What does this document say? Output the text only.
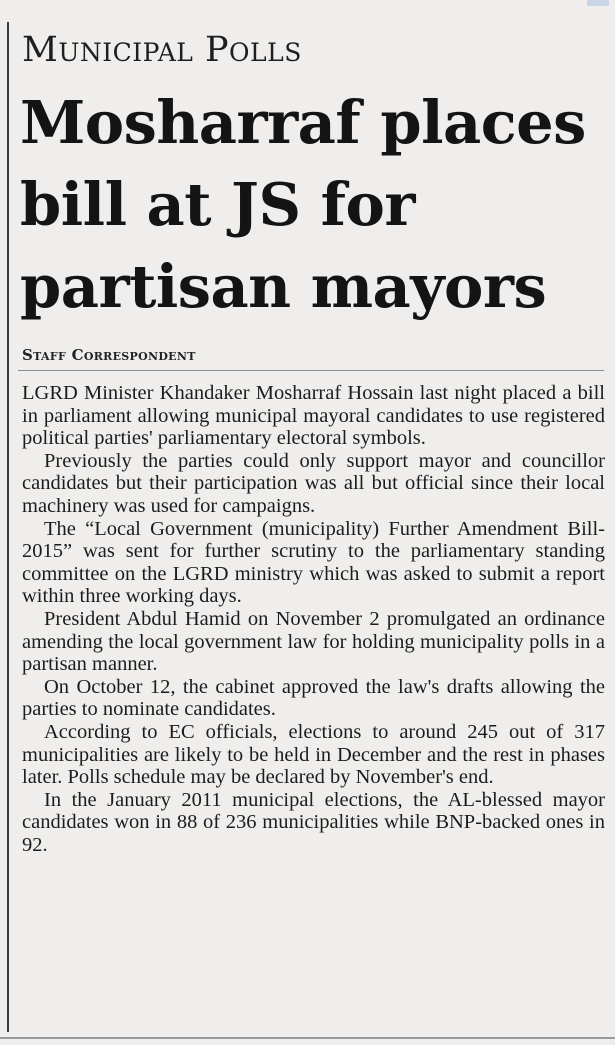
Municipal Polls
Mosharraf places
bill at JS for
partisan mayors
Staff Correspondent

LGRD Minister Khandaker Mosharraf Hossain last night placed a bill in parliament allowing municipal mayoral candidates to use registered political parties' parliamentary electoral symbols.

Previously the parties could only support mayor and councillor candidates but their participation was all but official since their local machinery was used for campaigns.

The “Local Government (municipality) Further Amendment Bill-2015” was sent for further scrutiny to the parliamentary standing committee on the LGRD ministry which was asked to submit a report within three working days.

President Abdul Hamid on November 2 promulgated an ordinance amending the local government law for holding municipality polls in a partisan manner.

On October 12, the cabinet approved the law's drafts allowing the parties to nominate candidates.

According to EC officials, elections to around 245 out of 317 municipalities are likely to be held in December and the rest in phases later. Polls schedule may be declared by November's end.

In the January 2011 municipal elections, the AL-blessed mayor candidates won in 88 of 236 municipalities while BNP-backed ones in 92.
